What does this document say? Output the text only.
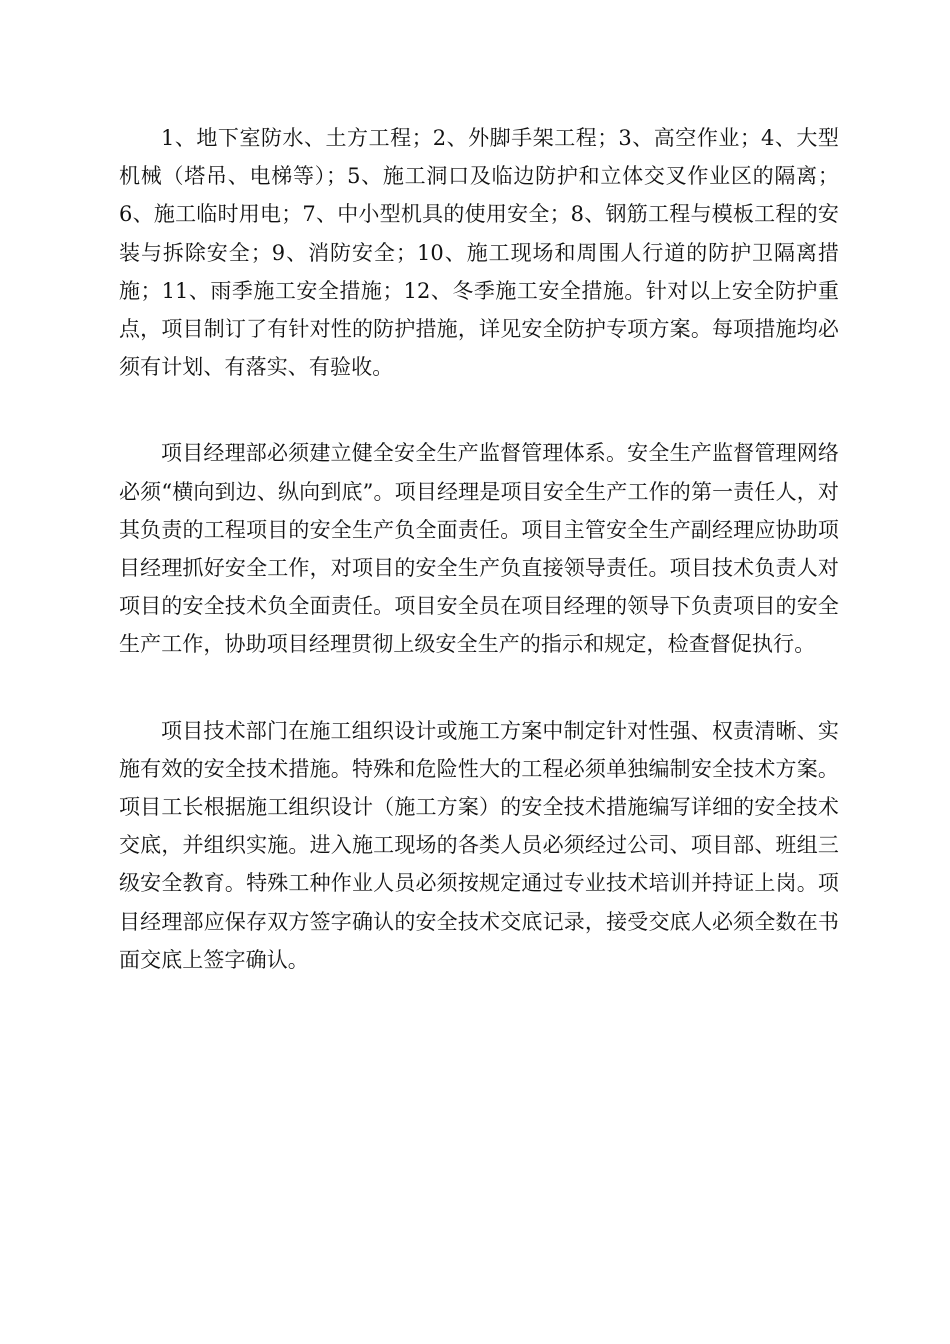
1、地下室防水、土方工程；2、外脚手架工程；3、高空作业；4、大型机械（塔吊、电梯等）；5、施工洞口及临边防护和立体交叉作业区的隔离；6、施工临时用电；7、中小型机具的使用安全；8、钢筋工程与模板工程的安装与拆除安全；9、消防安全；10、施工现场和周围人行道的防护卫隔离措施；11、雨季施工安全措施；12、冬季施工安全措施。针对以上安全防护重点，项目制订了有针对性的防护措施，详见安全防护专项方案。每项措施均必须有计划、有落实、有验收。

项目经理部必须建立健全安全生产监督管理体系。安全生产监督管理网络必须“横向到边、纵向到底”。项目经理是项目安全生产工作的第一责任人，对其负责的工程项目的安全生产负全面责任。项目主管安全生产副经理应协助项目经理抓好安全工作，对项目的安全生产负直接领导责任。项目技术负责人对项目的安全技术负全面责任。项目安全员在项目经理的领导下负责项目的安全生产工作，协助项目经理贯彻上级安全生产的指示和规定，检查督促执行。

项目技术部门在施工组织设计或施工方案中制定针对性强、权责清晰、实施有效的安全技术措施。特殊和危险性大的工程必须单独编制安全技术方案。项目工长根据施工组织设计（施工方案）的安全技术措施编写详细的安全技术交底，并组织实施。进入施工现场的各类人员必须经过公司、项目部、班组三级安全教育。特殊工种作业人员必须按规定通过专业技术培训并持证上岗。项目经理部应保存双方签字确认的安全技术交底记录，接受交底人必须全数在书面交底上签字确认。
